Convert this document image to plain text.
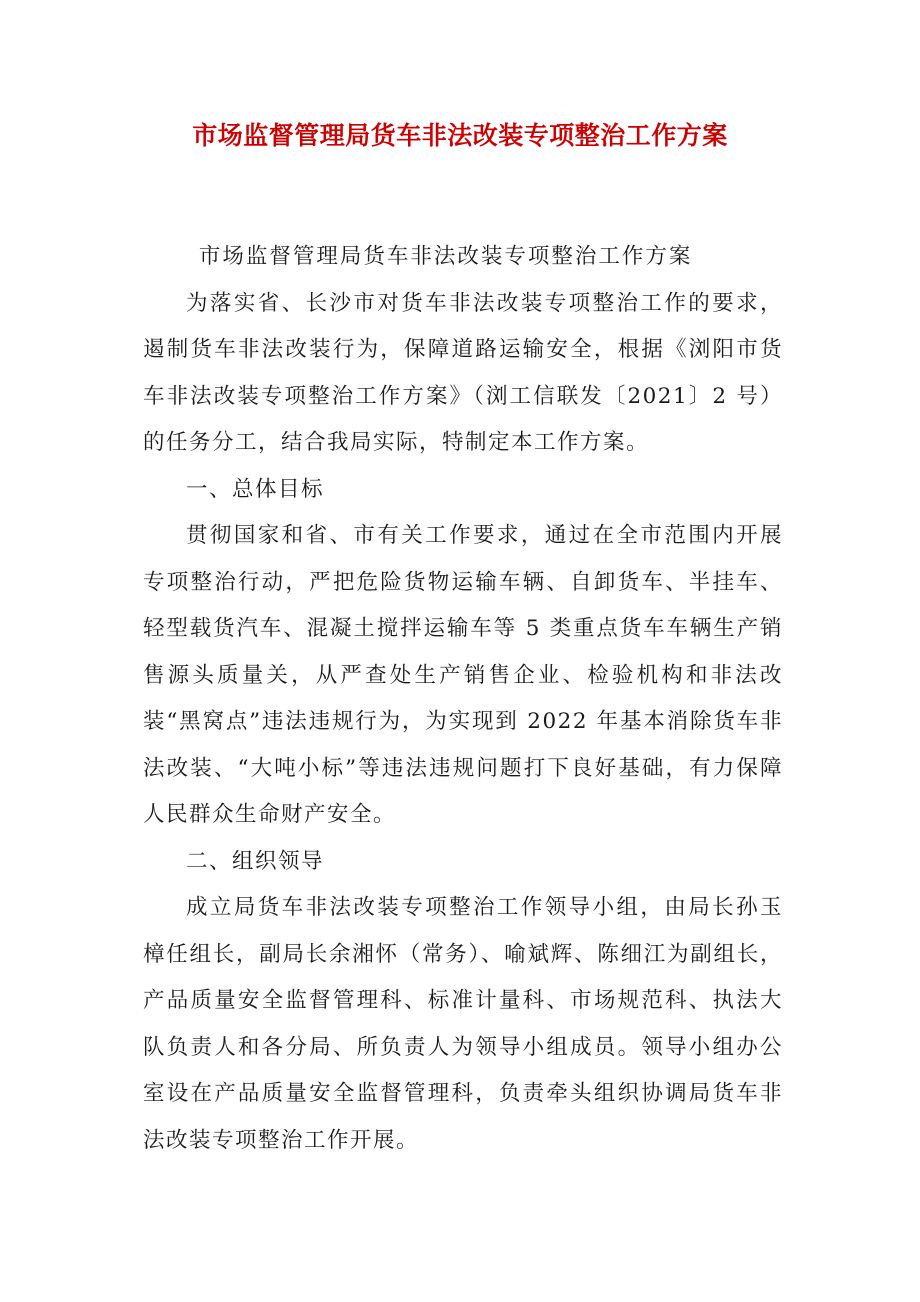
市场监督管理局货车非法改装专项整治工作方案

市场监督管理局货车非法改装专项整治工作方案

为落实省、长沙市对货车非法改装专项整治工作的要求，遏制货车非法改装行为，保障道路运输安全，根据《浏阳市货车非法改装专项整治工作方案》（浏工信联发〔2021〕2 号）的任务分工，结合我局实际，特制定本工作方案。

一、总体目标

贯彻国家和省、市有关工作要求，通过在全市范围内开展专项整治行动，严把危险货物运输车辆、自卸货车、半挂车、轻型载货汽车、混凝土搅拌运输车等 5 类重点货车车辆生产销售源头质量关，从严查处生产销售企业、检验机构和非法改装“黑窝点”违法违规行为，为实现到 2022 年基本消除货车非法改装、“大吨小标”等违法违规问题打下良好基础，有力保障人民群众生命财产安全。

二、组织领导

成立局货车非法改装专项整治工作领导小组，由局长孙玉樟任组长，副局长余湘怀（常务）、喻斌辉、陈细江为副组长，产品质量安全监督管理科、标准计量科、市场规范科、执法大队负责人和各分局、所负责人为领导小组成员。领导小组办公室设在产品质量安全监督管理科，负责牵头组织协调局货车非法改装专项整治工作开展。
